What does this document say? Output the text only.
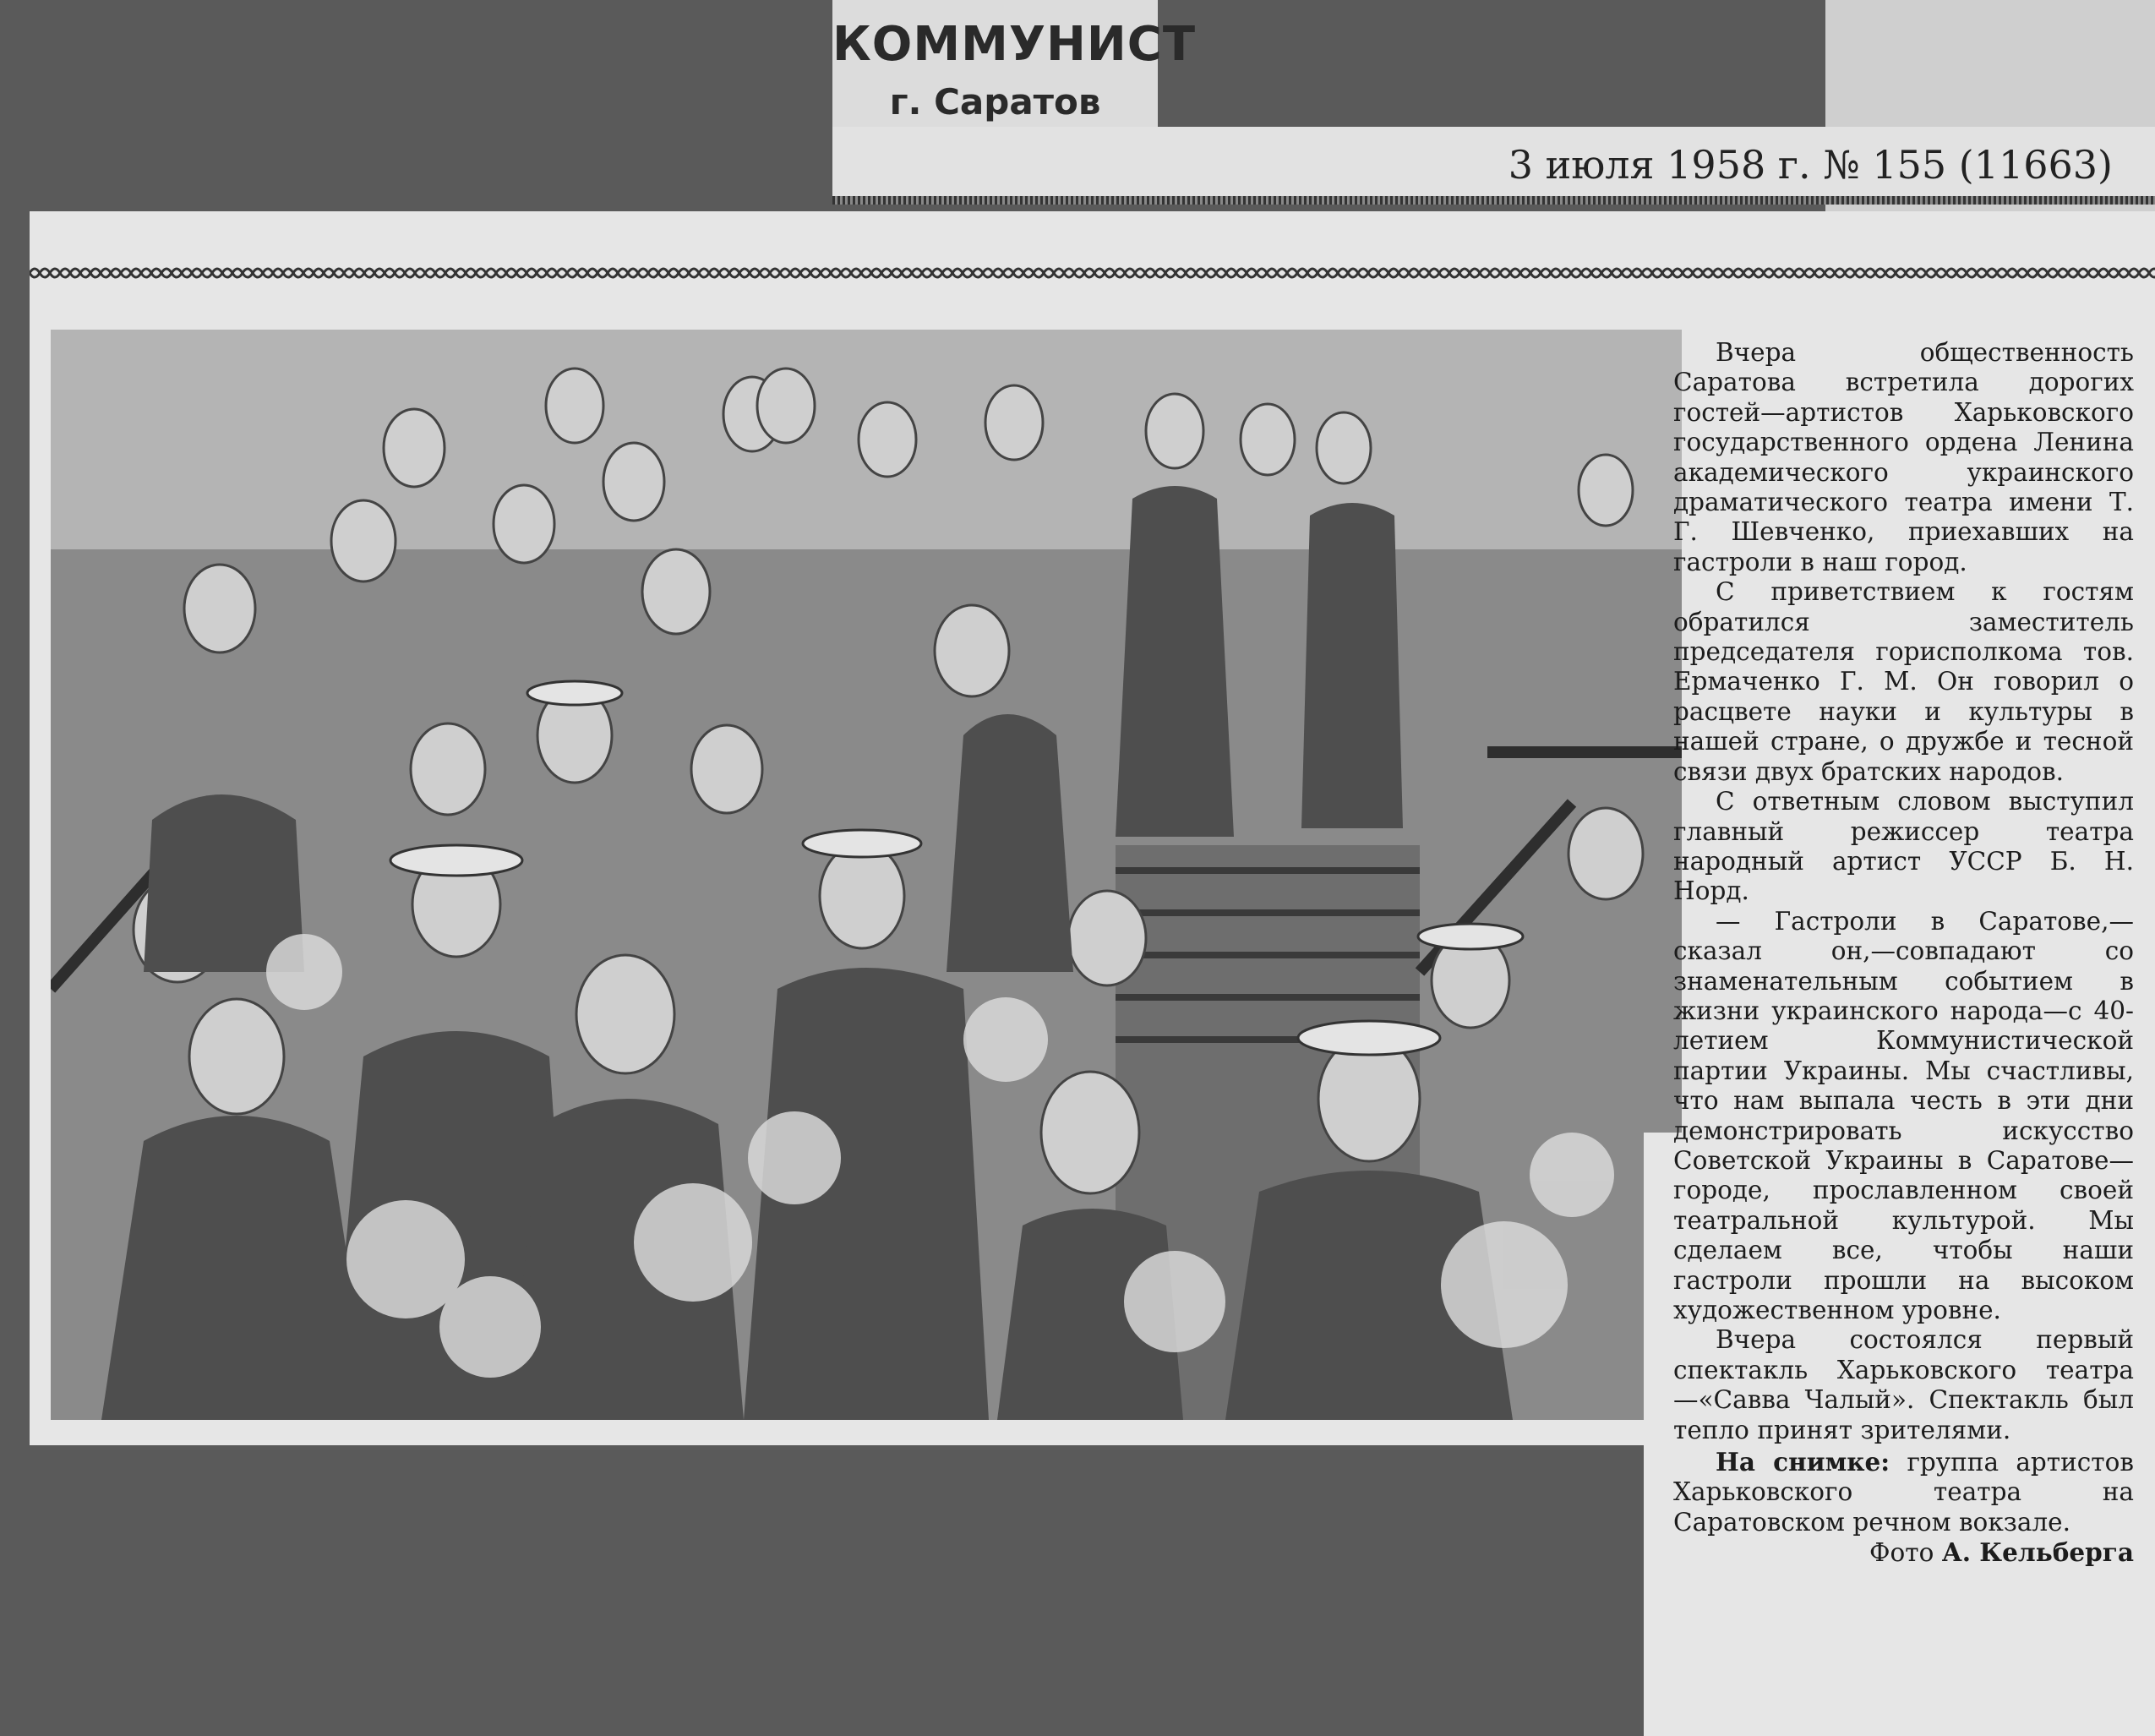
КОММУНИСТ
г. Саратов
3 июля 1958 г. № 155 (11663)

Вчера общественность Саратова встретила дорогих гостей—артистов Харьковского государственного ордена Ленина академического украинского драматического театра имени Т. Г. Шевченко, приехавших на гастроли в наш город.

С приветствием к гостям обратился заместитель председателя горисполкома тов. Ермаченко Г. М. Он говорил о расцвете науки и культуры в нашей стране, о дружбе и тесной связи двух братских народов.

С ответным словом выступил главный режиссер театра народный артист УССР Б. Н. Норд.

— Гастроли в Саратове,—сказал он,—совпадают со знаменательным событием в жизни украинского народа—с 40-летием Коммунистической партии Украины. Мы счастливы, что нам выпала честь в эти дни демонстрировать искусство Советской Украины в Саратове—городе, прославленном своей театральной культурой. Мы сделаем все, чтобы наши гастроли прошли на высоком художественном уровне.

Вчера состоялся первый спектакль Харьковского театра—«Савва Чалый». Спектакль был тепло принят зрителями.

На снимке: группа артистов Харьковского театра на Саратовском речном вокзале.

Фото А. Кельберга
